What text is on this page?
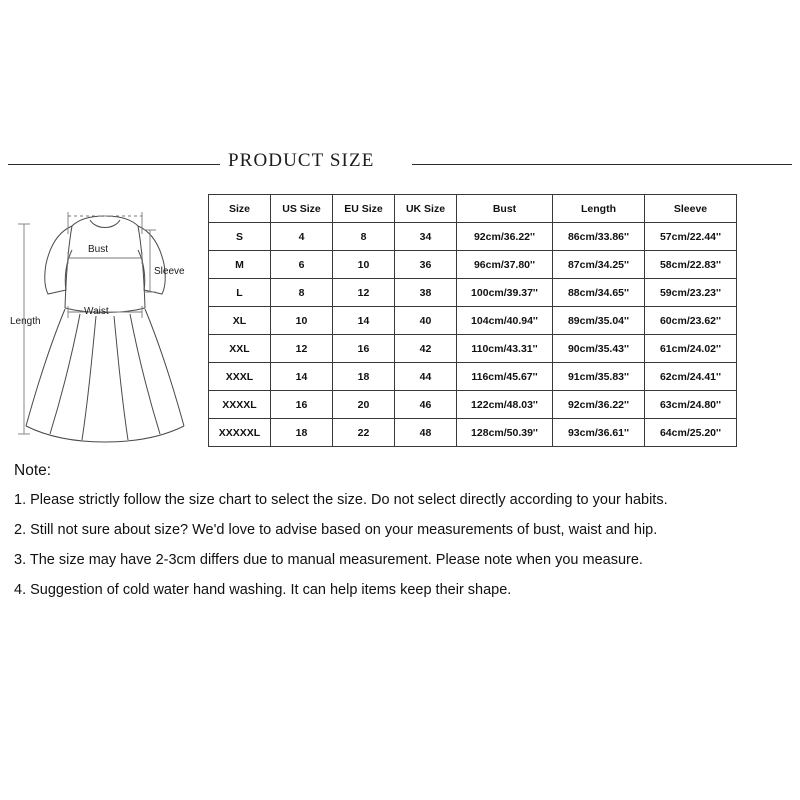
PRODUCT SIZE
Bust
Waist
Sleeve
Length
Size	US Size	EU Size	UK Size	Bust	Length	Sleeve
S	4	8	34	92cm/36.22''	86cm/33.86''	57cm/22.44''
M	6	10	36	96cm/37.80''	87cm/34.25''	58cm/22.83''
L	8	12	38	100cm/39.37''	88cm/34.65''	59cm/23.23''
XL	10	14	40	104cm/40.94''	89cm/35.04''	60cm/23.62''
XXL	12	16	42	110cm/43.31''	90cm/35.43''	61cm/24.02''
XXXL	14	18	44	116cm/45.67''	91cm/35.83''	62cm/24.41''
XXXXL	16	20	46	122cm/48.03''	92cm/36.22''	63cm/24.80''
XXXXXL	18	22	48	128cm/50.39''	93cm/36.61''	64cm/25.20''
Note:
1. Please strictly follow the size chart to select the size. Do not select directly according to your habits.
2. Still not sure about size? We'd love to advise based on your measurements of bust, waist and hip.
3. The size may have 2-3cm differs due to manual measurement. Please note when you measure.
4. Suggestion of cold water hand washing. It can help items keep their shape.
